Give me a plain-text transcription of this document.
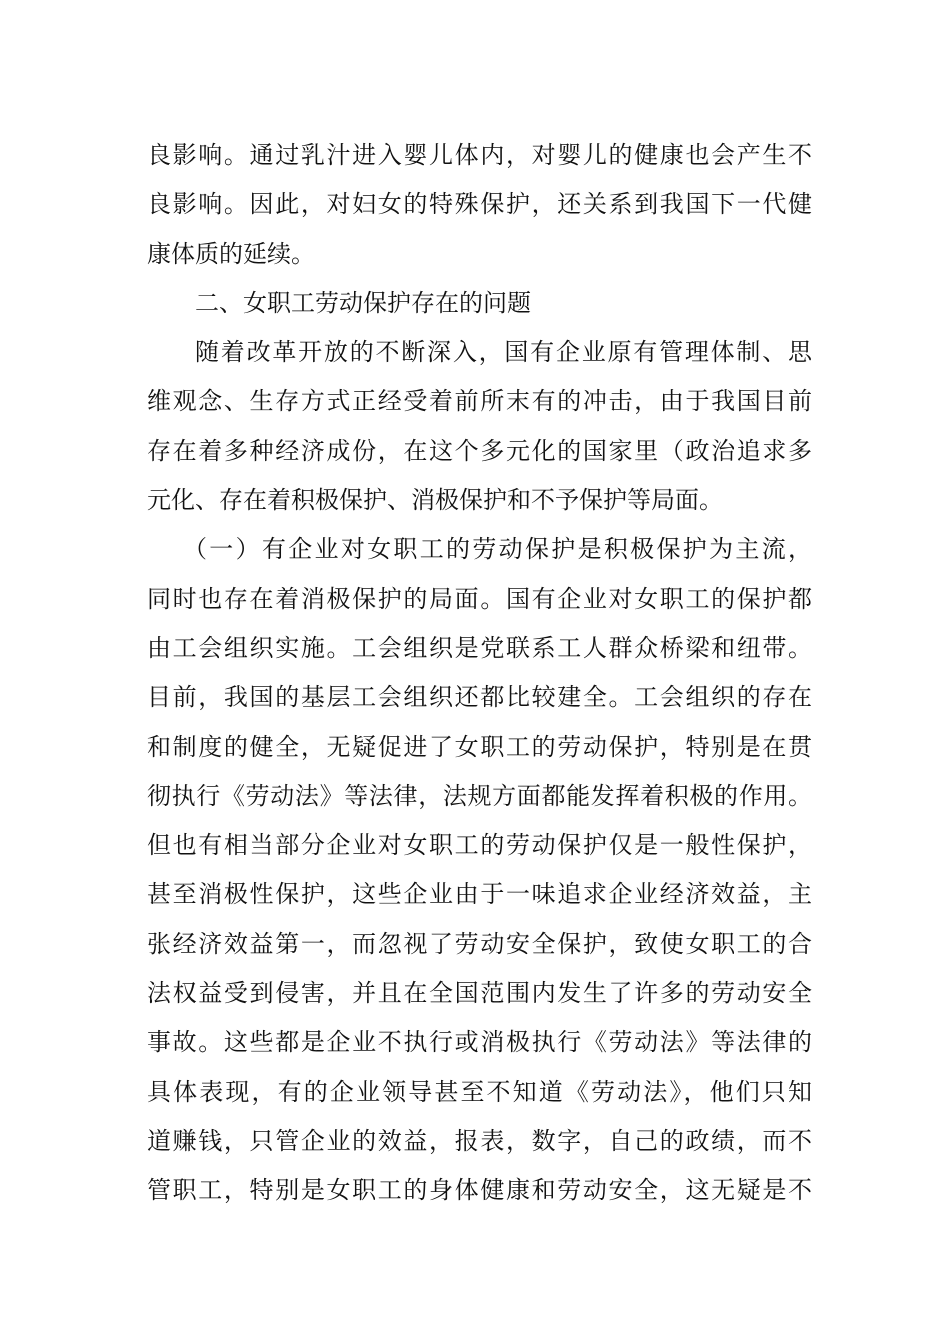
良影响。通过乳汁进入婴儿体内，对婴儿的健康也会产生不
良影响。因此，对妇女的特殊保护，还关系到我国下一代健
康体质的延续。
二、女职工劳动保护存在的问题
随着改革开放的不断深入，国有企业原有管理体制、思
维观念、生存方式正经受着前所末有的冲击，由于我国目前
存在着多种经济成份，在这个多元化的国家里（政治追求多
元化、存在着积极保护、消极保护和不予保护等局面。
（一）有企业对女职工的劳动保护是积极保护为主流，
同时也存在着消极保护的局面。国有企业对女职工的保护都
由工会组织实施。工会组织是党联系工人群众桥梁和纽带。
目前，我国的基层工会组织还都比较建全。工会组织的存在
和制度的健全，无疑促进了女职工的劳动保护，特别是在贯
彻执行《劳动法》等法律，法规方面都能发挥着积极的作用。
但也有相当部分企业对女职工的劳动保护仅是一般性保护，
甚至消极性保护，这些企业由于一味追求企业经济效益，主
张经济效益第一，而忽视了劳动安全保护，致使女职工的合
法权益受到侵害，并且在全国范围内发生了许多的劳动安全
事故。这些都是企业不执行或消极执行《劳动法》等法律的
具体表现，有的企业领导甚至不知道《劳动法》，他们只知
道赚钱，只管企业的效益，报表，数字，自己的政绩，而不
管职工，特别是女职工的身体健康和劳动安全，这无疑是不
